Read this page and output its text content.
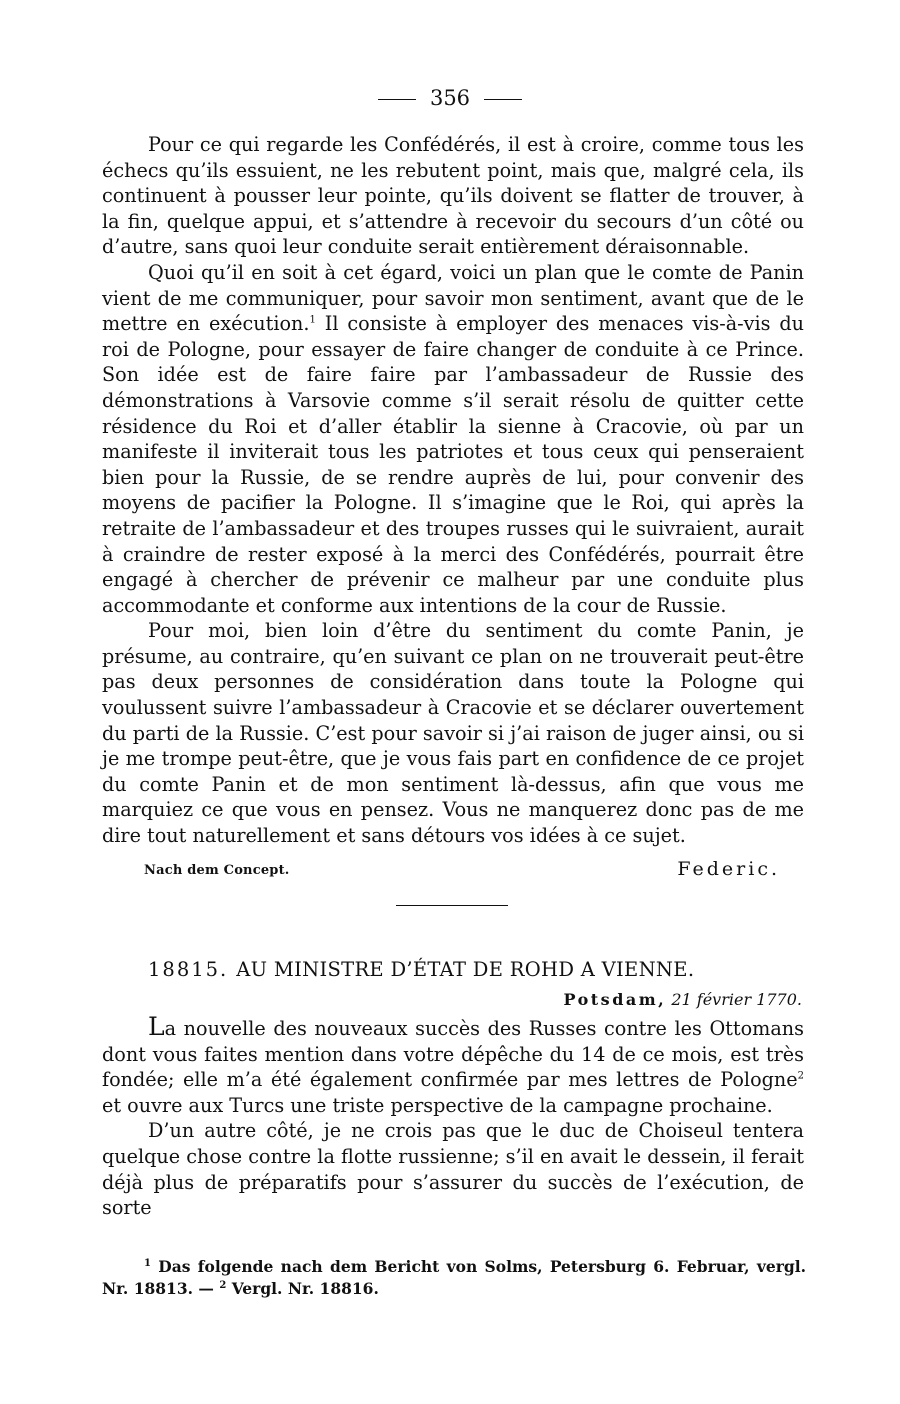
356

Pour ce qui regarde les Confédérés, il est à croire, comme tous les échecs qu’ils essuient, ne les rebutent point, mais que, malgré cela, ils continuent à pousser leur pointe, qu’ils doivent se flatter de trouver, à la fin, quelque appui, et s’attendre à recevoir du secours d’un côté ou d’autre, sans quoi leur conduite serait entièrement déraisonnable.

Quoi qu’il en soit à cet égard, voici un plan que le comte de Panin vient de me communiquer, pour savoir mon sentiment, avant que de le mettre en exécution.$^1$ Il consiste à employer des menaces vis-à-vis du roi de Pologne, pour essayer de faire changer de conduite à ce Prince. Son idée est de faire faire par l’ambassadeur de Russie des démonstrations à Varsovie comme s’il serait résolu de quitter cette résidence du Roi et d’aller établir la sienne à Cracovie, où par un manifeste il inviterait tous les patriotes et tous ceux qui penseraient bien pour la Russie, de se rendre auprès de lui, pour convenir des moyens de pacifier la Pologne. Il s’imagine que le Roi, qui après la retraite de l’ambassadeur et des troupes russes qui le suivraient, aurait à craindre de rester exposé à la merci des Confédérés, pourrait être engagé à chercher de prévenir ce malheur par une conduite plus accommodante et conforme aux intentions de la cour de Russie.

Pour moi, bien loin d’être du sentiment du comte Panin, je présume, au contraire, qu’en suivant ce plan on ne trouverait peut-être pas deux personnes de considération dans toute la Pologne qui voulussent suivre l’ambassadeur à Cracovie et se déclarer ouvertement du parti de la Russie. C’est pour savoir si j’ai raison de juger ainsi, ou si je me trompe peut-être, que je vous fais part en confidence de ce projet du comte Panin et de mon sentiment là-dessus, afin que vous me marquiez ce que vous en pensez. Vous ne manquerez donc pas de me dire tout naturellement et sans détours vos idées à ce sujet.

Nach dem Concept.	Federic.
18815. AU MINISTRE D’ÉTAT DE ROHD A VIENNE.
Potsdam, 21 février 1770.

La nouvelle des nouveaux succès des Russes contre les Ottomans dont vous faites mention dans votre dépêche du 14 de ce mois, est très fondée; elle m’a été également confirmée par mes lettres de Pologne$^2$ et ouvre aux Turcs une triste perspective de la campagne prochaine.

D’un autre côté, je ne crois pas que le duc de Choiseul tentera quelque chose contre la flotte russienne; s’il en avait le dessein, il ferait déjà plus de préparatifs pour s’assurer du succès de l’exécution, de sorte

$^1$ Das folgende nach dem Bericht von Solms, Petersburg 6. Februar, vergl. Nr. 18813. — $^2$ Vergl. Nr. 18816.
